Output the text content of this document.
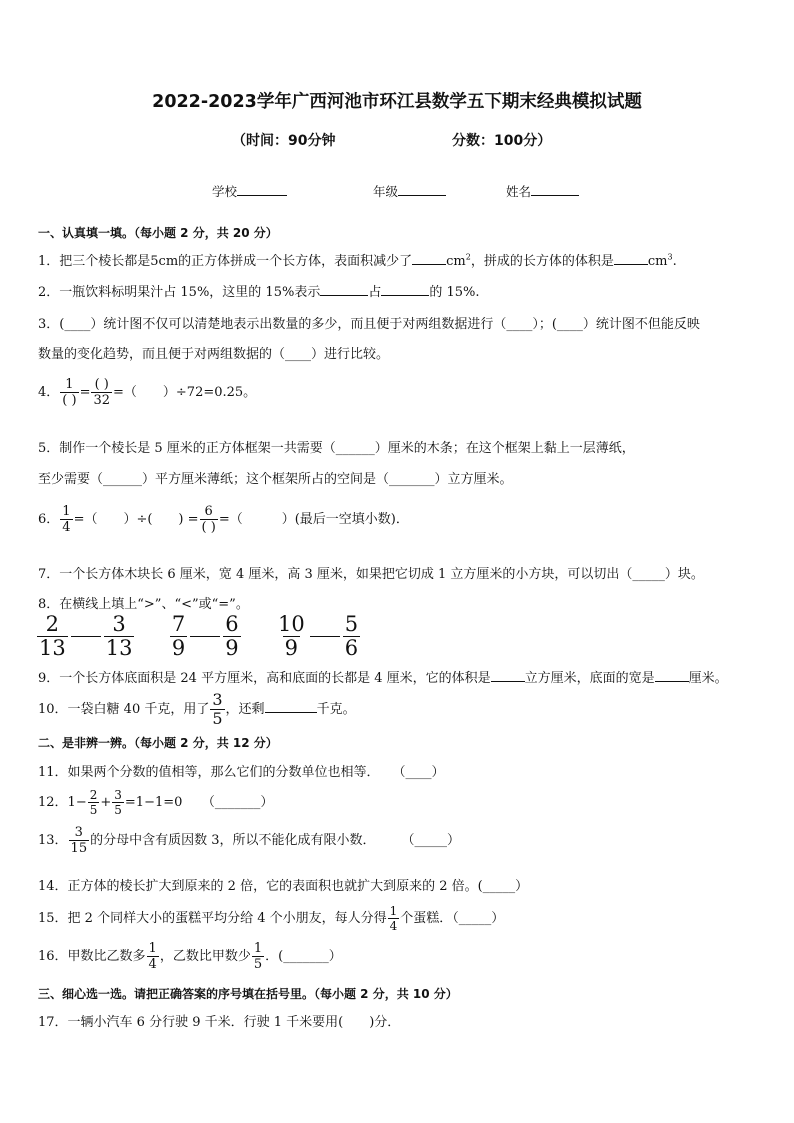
2022-2023学年广西河池市环江县数学五下期末经典模拟试题
（时间：90分钟	分数：100分）
学校	年级	姓名
一、认真填一填。（每小题 2 分，共 20 分）
1．把三个棱长都是5cm的正方体拼成一个长方体，表面积减少了	$cm^2$，拼成的长方体的体积是	$cm^3$.
2．一瓶饮料标明果汁占 15%，这里的 15%表示	占	的 15%.
3．(____）统计图不仅可以清楚地表示出数量的多少，而且便于对两组数据进行（____）；(____）统计图不但能反映
数量的变化趋势，而且便于对两组数据的（____）进行比较。
4． $\frac{1}{( )} = \frac{( )}{32}$ =（　　）÷72=0.25。
5．制作一个棱长是 5 厘米的正方体框架一共需要（______）厘米的木条；在这个框架上黏上一层薄纸，
至少需要（______）平方厘米薄纸；这个框架所占的空间是（_______）立方厘米。
6． $\frac{1}{4}$ =（　　）÷(　　) = $\frac{6}{( )}$ =（　　　）(最后一空填小数)．
7．一个长方体木块长 6 厘米，宽 4 厘米，高 3 厘米，如果把它切成 1 立方厘米的小方块，可以切出（_____）块。
8．在横线上填上“>”、“<”或“=”。
$\frac{2}{13} \frac{3}{13}$
$\frac{7}{9} \frac{6}{9}$
$\frac{10}{9} \frac{5}{6}$
9．一个长方体底面积是 24 平方厘米，高和底面的长都是 4 厘米，它的体积是	立方厘米，底面的宽是	厘米。
10．一袋白糖 40 千克，用了 $\frac{3}{5}$ ，还剩	千克。
二、是非辨一辨。（每小题 2 分，共 12 分）
11．如果两个分数的值相等，那么它们的分数单位也相等．　　（____）
12．$1- \frac{2}{5} + \frac{3}{5} =1-1=0$　　（_______）
13． $\frac{3}{15}$ 的分母中含有质因数 3，所以不能化成有限小数．　　　（_____）
14．正方体的棱长扩大到原来的 2 倍，它的表面积也就扩大到原来的 2 倍。(_____）
15．把 2 个同样大小的蛋糕平均分给 4 个小朋友，每人分得 $\frac{1}{4}$ 个蛋糕．（_____）
16．甲数比乙数多 $\frac{1}{4}$ ，乙数比甲数少 $\frac{1}{5}$ ．(_______）
三、细心选一选。请把正确答案的序号填在括号里。（每小题 2 分，共 10 分）
17．一辆小汽车 6 分行驶 9 千米．行驶 1 千米要用(　　)分．
